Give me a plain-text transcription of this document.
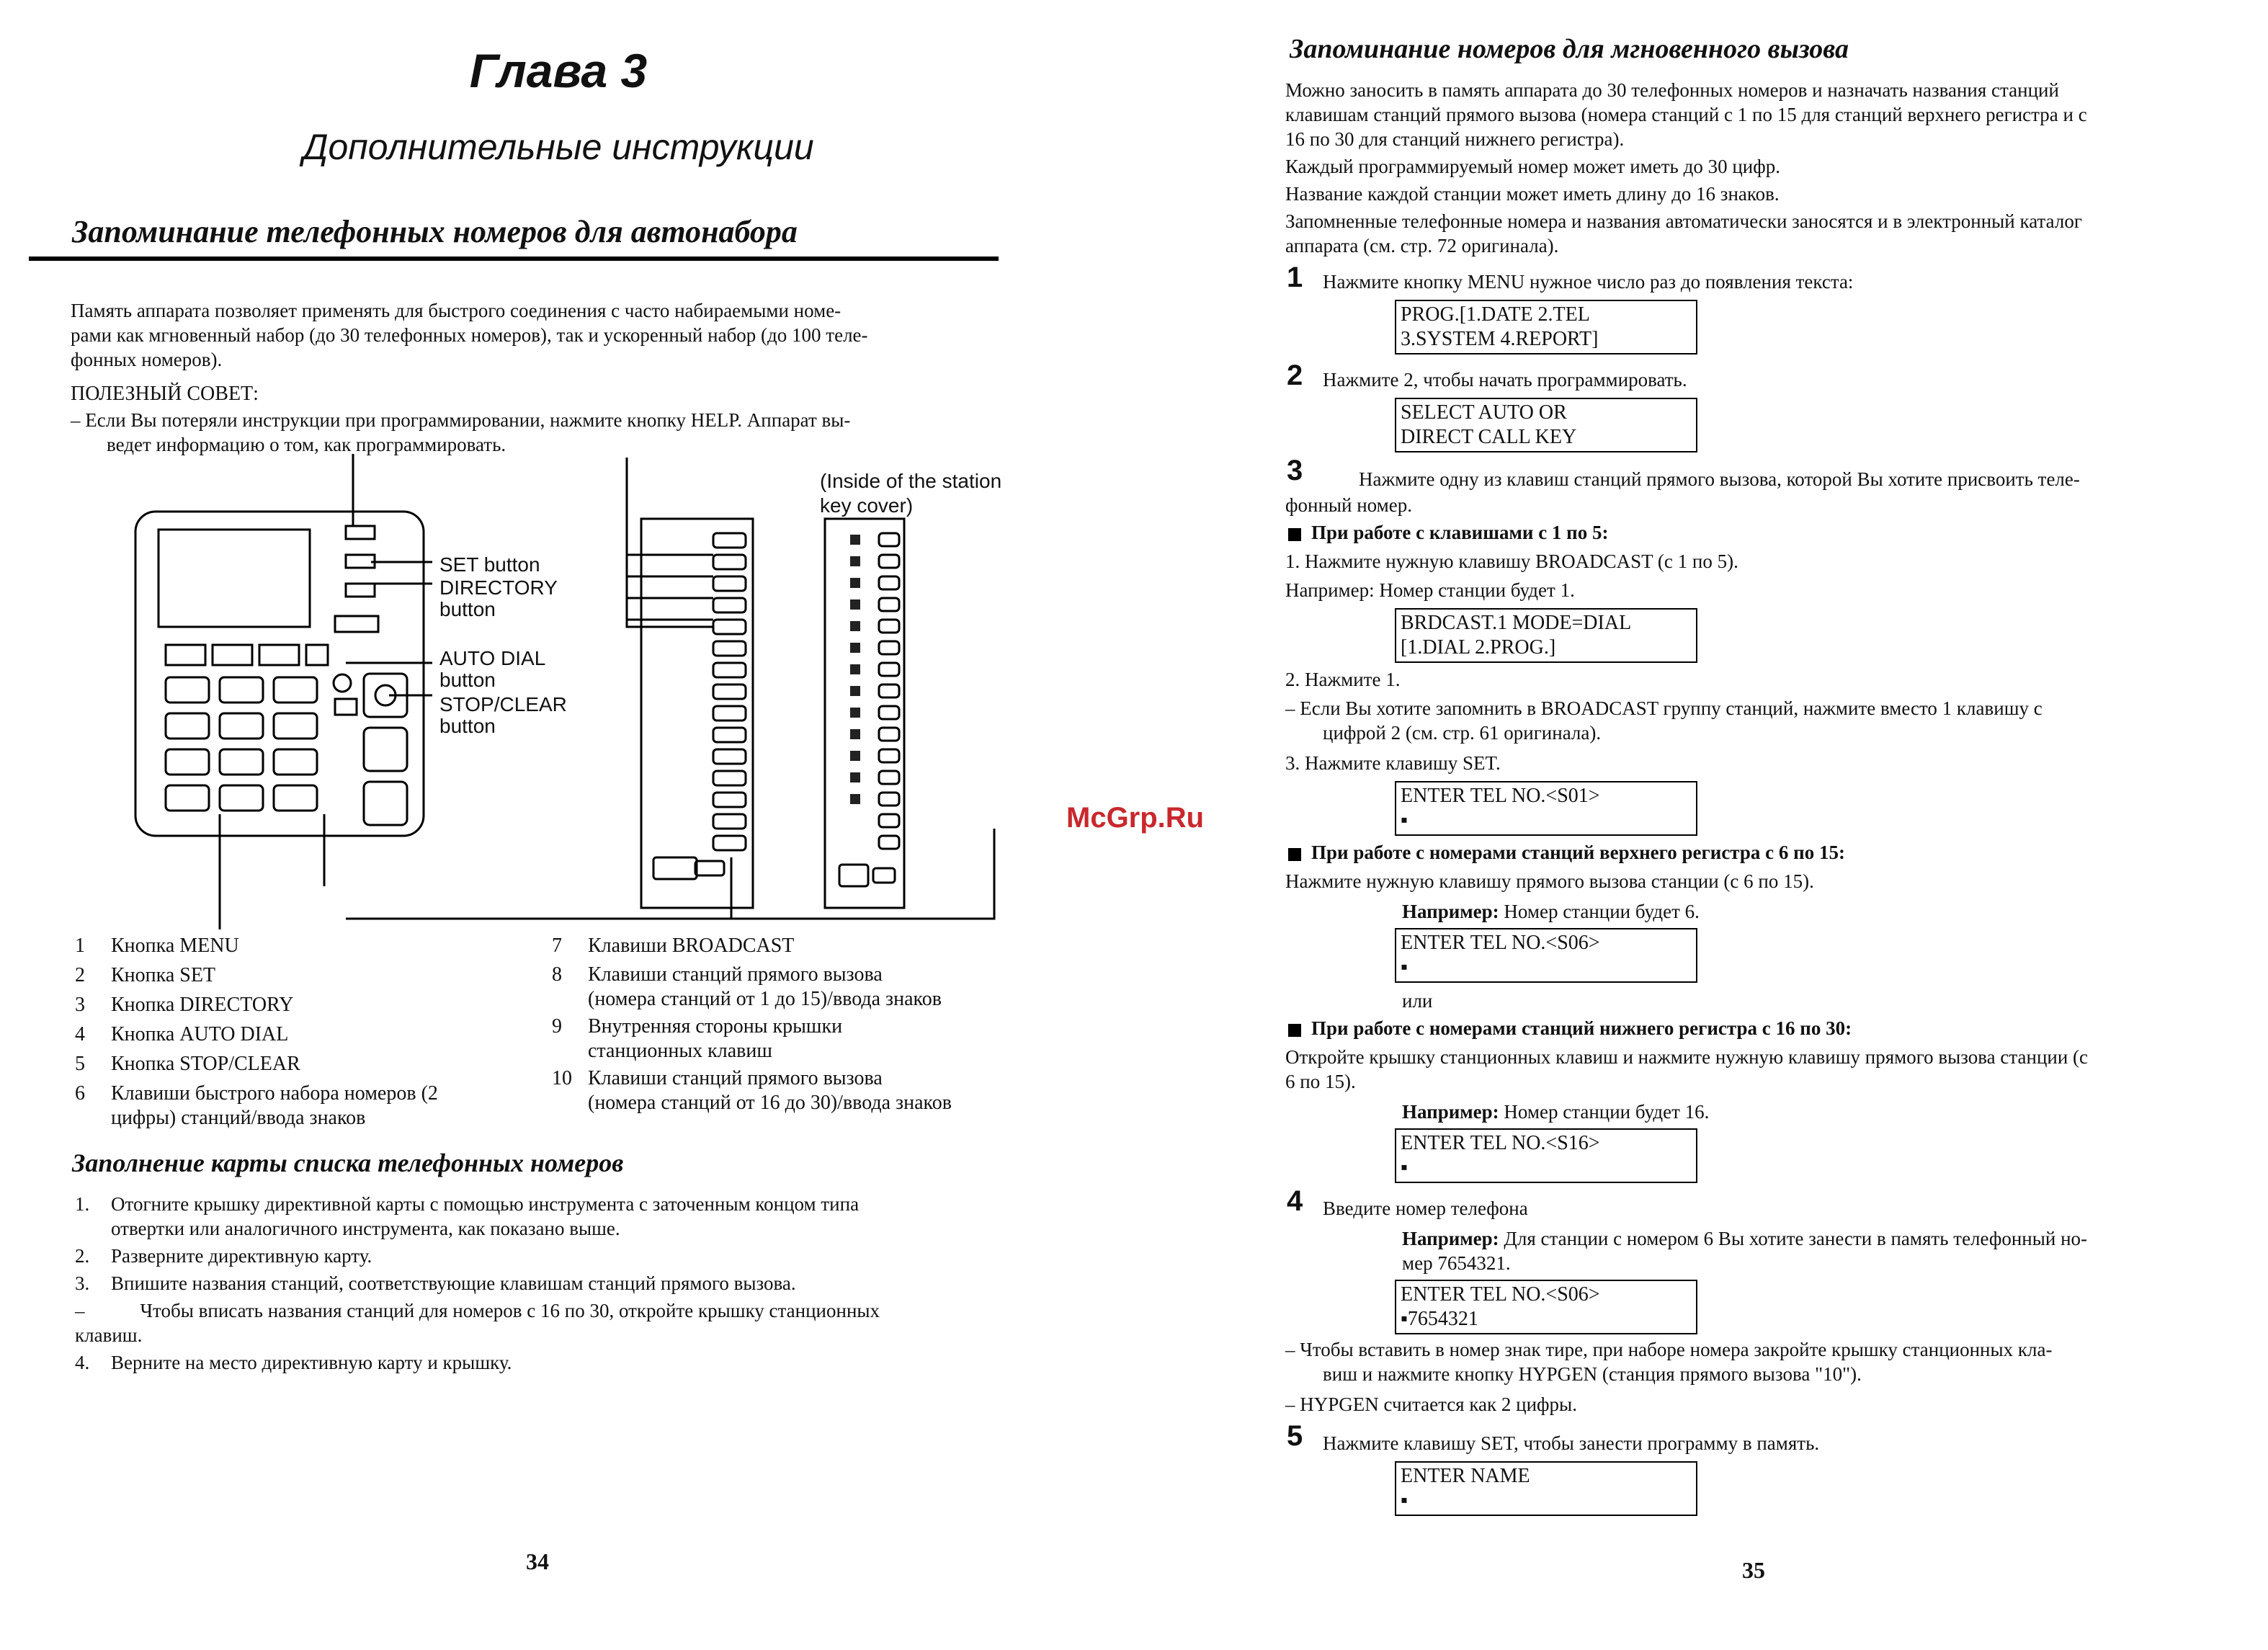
Глава 3
Дополнительные инструкции
Запоминание телефонных номеров для автонабора
Память аппарата позволяет применять для быстрого соединения с часто набираемыми номе-
рами как мгновенный набор (до 30 телефонных номеров), так и ускоренный набор (до 100 теле-
фонных номеров).
ПОЛЕЗНЫЙ СОВЕТ:
– Если Вы потеряли инструкции при программировании, нажмите кнопку HELP. Аппарат вы-
ведет информацию о том, как программировать.
(Inside of the station
key cover)
SET button
DIRECTORY
button
AUTO DIAL
button
STOP/CLEAR
button
1 Кнопка MENU
2 Кнопка SET
3 Кнопка DIRECTORY
4 Кнопка AUTO DIAL
5 Кнопка STOP/CLEAR
6 Клавиши быстрого набора номеров (2
цифры) станций/ввода знаков
7 Клавиши BROADCAST
8 Клавиши станций прямого вызова
(номера станций от 1 до 15)/ввода знаков
9 Внутренняя стороны крышки
станционных клавиш
10 Клавиши станций прямого вызова
(номера станций от 16 до 30)/ввода знаков
Заполнение карты списка телефонных номеров
1. Отогните крышку директивной карты с помощью инструмента с заточенным концом типа
отвертки или аналогичного инструмента, как показано выше.
2. Разверните директивную карту.
3. Впишите названия станций, соответствующие клавишам станций прямого вызова.
– Чтобы вписать названия станций для номеров с 16 по 30, откройте крышку станционных
клавиш.
4. Верните на место директивную карту и крышку.
34
McGrp.Ru
Запоминание номеров для мгновенного вызова
Можно заносить в память аппарата до 30 телефонных номеров и назначать названия станций
клавишам станций прямого вызова (номера станций с 1 по 15 для станций верхнего регистра и с
16 по 30 для станций нижнего регистра).
Каждый программируемый номер может иметь до 30 цифр.
Название каждой станции может иметь длину до 16 знаков.
Запомненные телефонные номера и названия автоматически заносятся и в электронный каталог
аппарата (см. стр. 72 оригинала).
1 Нажмите кнопку MENU нужное число раз до появления текста:
PROG.[1.DATE 2.TEL
3.SYSTEM 4.REPORT]
2 Нажмите 2, чтобы начать программировать.
SELECT AUTO OR
DIRECT CALL KEY
3	Нажмите одну из клавиш станций прямого вызова, которой Вы хотите присвоить теле-
фонный номер.
При работе с клавишами с 1 по 5:
1. Нажмите нужную клавишу BROADCAST (с 1 по 5).
Например: Номер станции будет 1.
BRDCAST.1 MODE=DIAL
[1.DIAL 2.PROG.]
2. Нажмите 1.
– Если Вы хотите запомнить в BROADCAST группу станций, нажмите вместо 1 клавишу с
цифрой 2 (см. стр. 61 оригинала).
3. Нажмите клавишу SET.
ENTER TEL NO.<S01>
▪
При работе с номерами станций верхнего регистра с 6 по 15:
Нажмите нужную клавишу прямого вызова станции (с 6 по 15).
Например: Номер станции будет 6.
ENTER TEL NO.<S06>
▪
или
При работе с номерами станций нижнего регистра с 16 по 30:
Откройте крышку станционных клавиш и нажмите нужную клавишу прямого вызова станции (с
6 по 15).
Например: Номер станции будет 16.
ENTER TEL NO.<S16>
▪
4 Введите номер телефона
Например: Для станции с номером 6 Вы хотите занести в память телефонный но-
мер 7654321.
ENTER TEL NO.<S06>
▪7654321
– Чтобы вставить в номер знак тире, при наборе номера закройте крышку станционных кла-
виш и нажмите кнопку HYPGEN (станция прямого вызова "10").
– HYPGEN считается как 2 цифры.
5 Нажмите клавишу SET, чтобы занести программу в память.
ENTER NAME
▪
35
